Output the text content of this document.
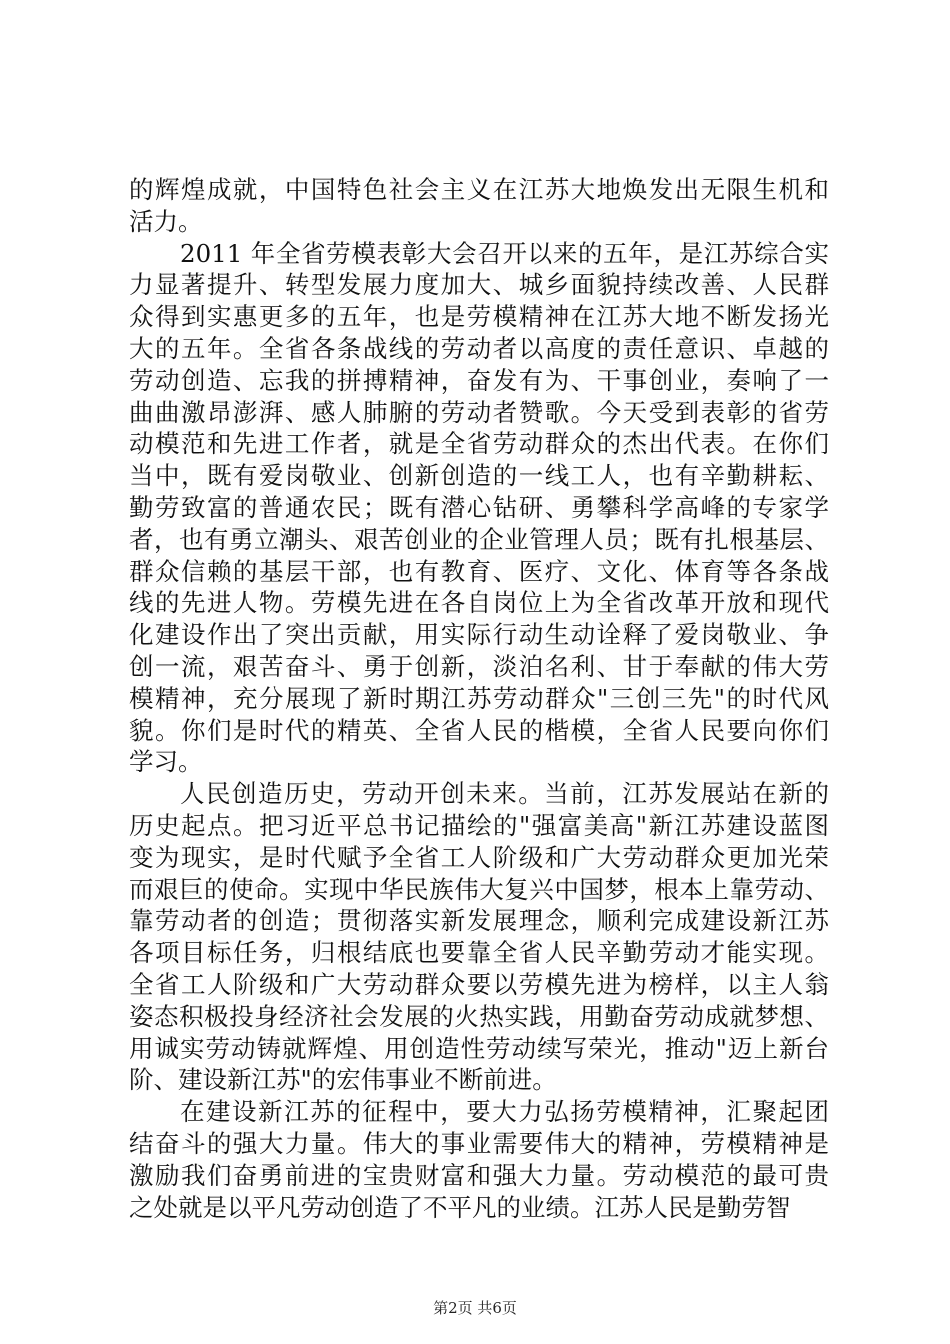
的辉煌成就，中国特色社会主义在江苏大地焕发出无限生机和
活力。
2011 年全省劳模表彰大会召开以来的五年，是江苏综合实
力显著提升、转型发展力度加大、城乡面貌持续改善、人民群
众得到实惠更多的五年，也是劳模精神在江苏大地不断发扬光
大的五年。全省各条战线的劳动者以高度的责任意识、卓越的
劳动创造、忘我的拼搏精神，奋发有为、干事创业，奏响了一
曲曲激昂澎湃、感人肺腑的劳动者赞歌。今天受到表彰的省劳
动模范和先进工作者，就是全省劳动群众的杰出代表。在你们
当中，既有爱岗敬业、创新创造的一线工人，也有辛勤耕耘、
勤劳致富的普通农民；既有潜心钻研、勇攀科学高峰的专家学
者，也有勇立潮头、艰苦创业的企业管理人员；既有扎根基层、
群众信赖的基层干部，也有教育、医疗、文化、体育等各条战
线的先进人物。劳模先进在各自岗位上为全省改革开放和现代
化建设作出了突出贡献，用实际行动生动诠释了爱岗敬业、争
创一流，艰苦奋斗、勇于创新，淡泊名利、甘于奉献的伟大劳
模精神，充分展现了新时期江苏劳动群众"三创三先"的时代风
貌。你们是时代的精英、全省人民的楷模，全省人民要向你们
学习。
人民创造历史，劳动开创未来。当前，江苏发展站在新的
历史起点。把习近平总书记描绘的"强富美高"新江苏建设蓝图
变为现实，是时代赋予全省工人阶级和广大劳动群众更加光荣
而艰巨的使命。实现中华民族伟大复兴中国梦，根本上靠劳动、
靠劳动者的创造；贯彻落实新发展理念，顺利完成建设新江苏
各项目标任务，归根结底也要靠全省人民辛勤劳动才能实现。
全省工人阶级和广大劳动群众要以劳模先进为榜样，以主人翁
姿态积极投身经济社会发展的火热实践，用勤奋劳动成就梦想、
用诚实劳动铸就辉煌、用创造性劳动续写荣光，推动"迈上新台
阶、建设新江苏"的宏伟事业不断前进。
在建设新江苏的征程中，要大力弘扬劳模精神，汇聚起团
结奋斗的强大力量。伟大的事业需要伟大的精神，劳模精神是
激励我们奋勇前进的宝贵财富和强大力量。劳动模范的最可贵
之处就是以平凡劳动创造了不平凡的业绩。江苏人民是勤劳智
第2页 共6页
